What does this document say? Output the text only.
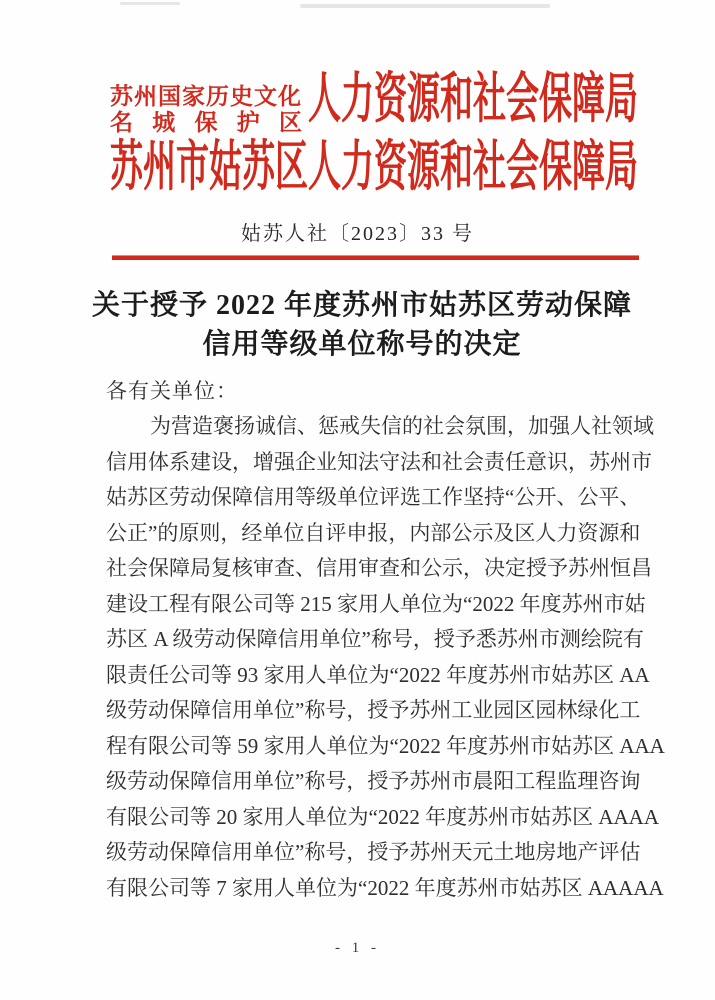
苏州国家历史文化
名城保护区 人力资源和社会保障局
苏州市姑苏区人力资源和社会保障局
姑苏人社〔2023〕33 号
关于授予 2022 年度苏州市姑苏区劳动保障
信用等级单位称号的决定
各有关单位：
为营造褒扬诚信、惩戒失信的社会氛围，加强人社领域
信用体系建设，增强企业知法守法和社会责任意识，苏州市
姑苏区劳动保障信用等级单位评选工作坚持“公开、公平、
公正”的原则，经单位自评申报，内部公示及区人力资源和
社会保障局复核审查、信用审查和公示，决定授予苏州恒昌
建设工程有限公司等 215 家用人单位为“2022 年度苏州市姑
苏区 A 级劳动保障信用单位”称号，授予悉苏州市测绘院有
限责任公司等 93 家用人单位为“2022 年度苏州市姑苏区 AA
级劳动保障信用单位”称号，授予苏州工业园区园林绿化工
程有限公司等 59 家用人单位为“2022 年度苏州市姑苏区 AAA
级劳动保障信用单位”称号，授予苏州市晨阳工程监理咨询
有限公司等 20 家用人单位为“2022 年度苏州市姑苏区 AAAA
级劳动保障信用单位”称号，授予苏州天元土地房地产评估
有限公司等 7 家用人单位为“2022 年度苏州市姑苏区 AAAAA
- 1 -
